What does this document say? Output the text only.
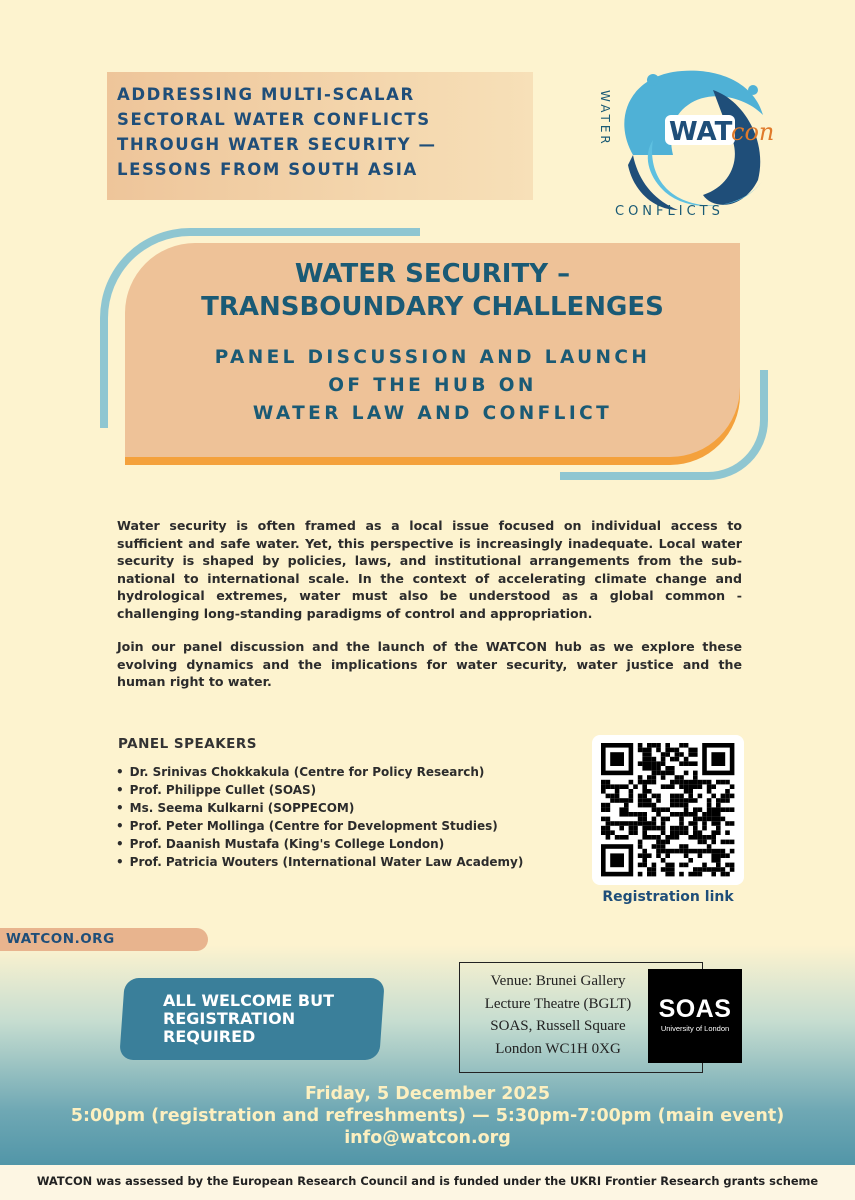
ADDRESSING MULTI-SCALAR
SECTORAL WATER CONFLICTS
THROUGH WATER SECURITY —
LESSONS FROM SOUTH ASIA
WAT
con
WATER
CONFLICTS
WATER SECURITY –
TRANSBOUNDARY CHALLENGES
PANEL DISCUSSION AND LAUNCH
OF THE HUB ON
WATER LAW AND CONFLICT

Water security is often framed as a local issue focused on individual access to sufficient and safe water. Yet, this perspective is increasingly inadequate. Local water security is shaped by policies, laws, and institutional arrangements from the sub-national to international scale. In the context of accelerating climate change and hydrological extremes, water must also be understood as a global common - challenging long-standing paradigms of control and appropriation.

Join our panel discussion and the launch of the WATCON hub as we explore these evolving dynamics and the implications for water security, water justice and the human right to water.

PANEL SPEAKERS
• Dr. Srinivas Chokkakula (Centre for Policy Research)
• Prof. Philippe Cullet (SOAS)
• Ms. Seema Kulkarni (SOPPECOM)
• Prof. Peter Mollinga (Centre for Development Studies)
• Prof. Daanish Mustafa (King's College London)
• Prof. Patricia Wouters (International Water Law Academy)
Registration link
WATCON.ORG
ALL WELCOME BUT
REGISTRATION
REQUIRED
Venue: Brunei Gallery
Lecture Theatre (BGLT)
SOAS, Russell Square
London WC1H 0XG
SOAS
University of London
Friday, 5 December 2025
5:00pm (registration and refreshments) — 5:30pm-7:00pm (main event)
info@watcon.org
WATCON was assessed by the European Research Council and is funded under the UKRI Frontier Research grants scheme
